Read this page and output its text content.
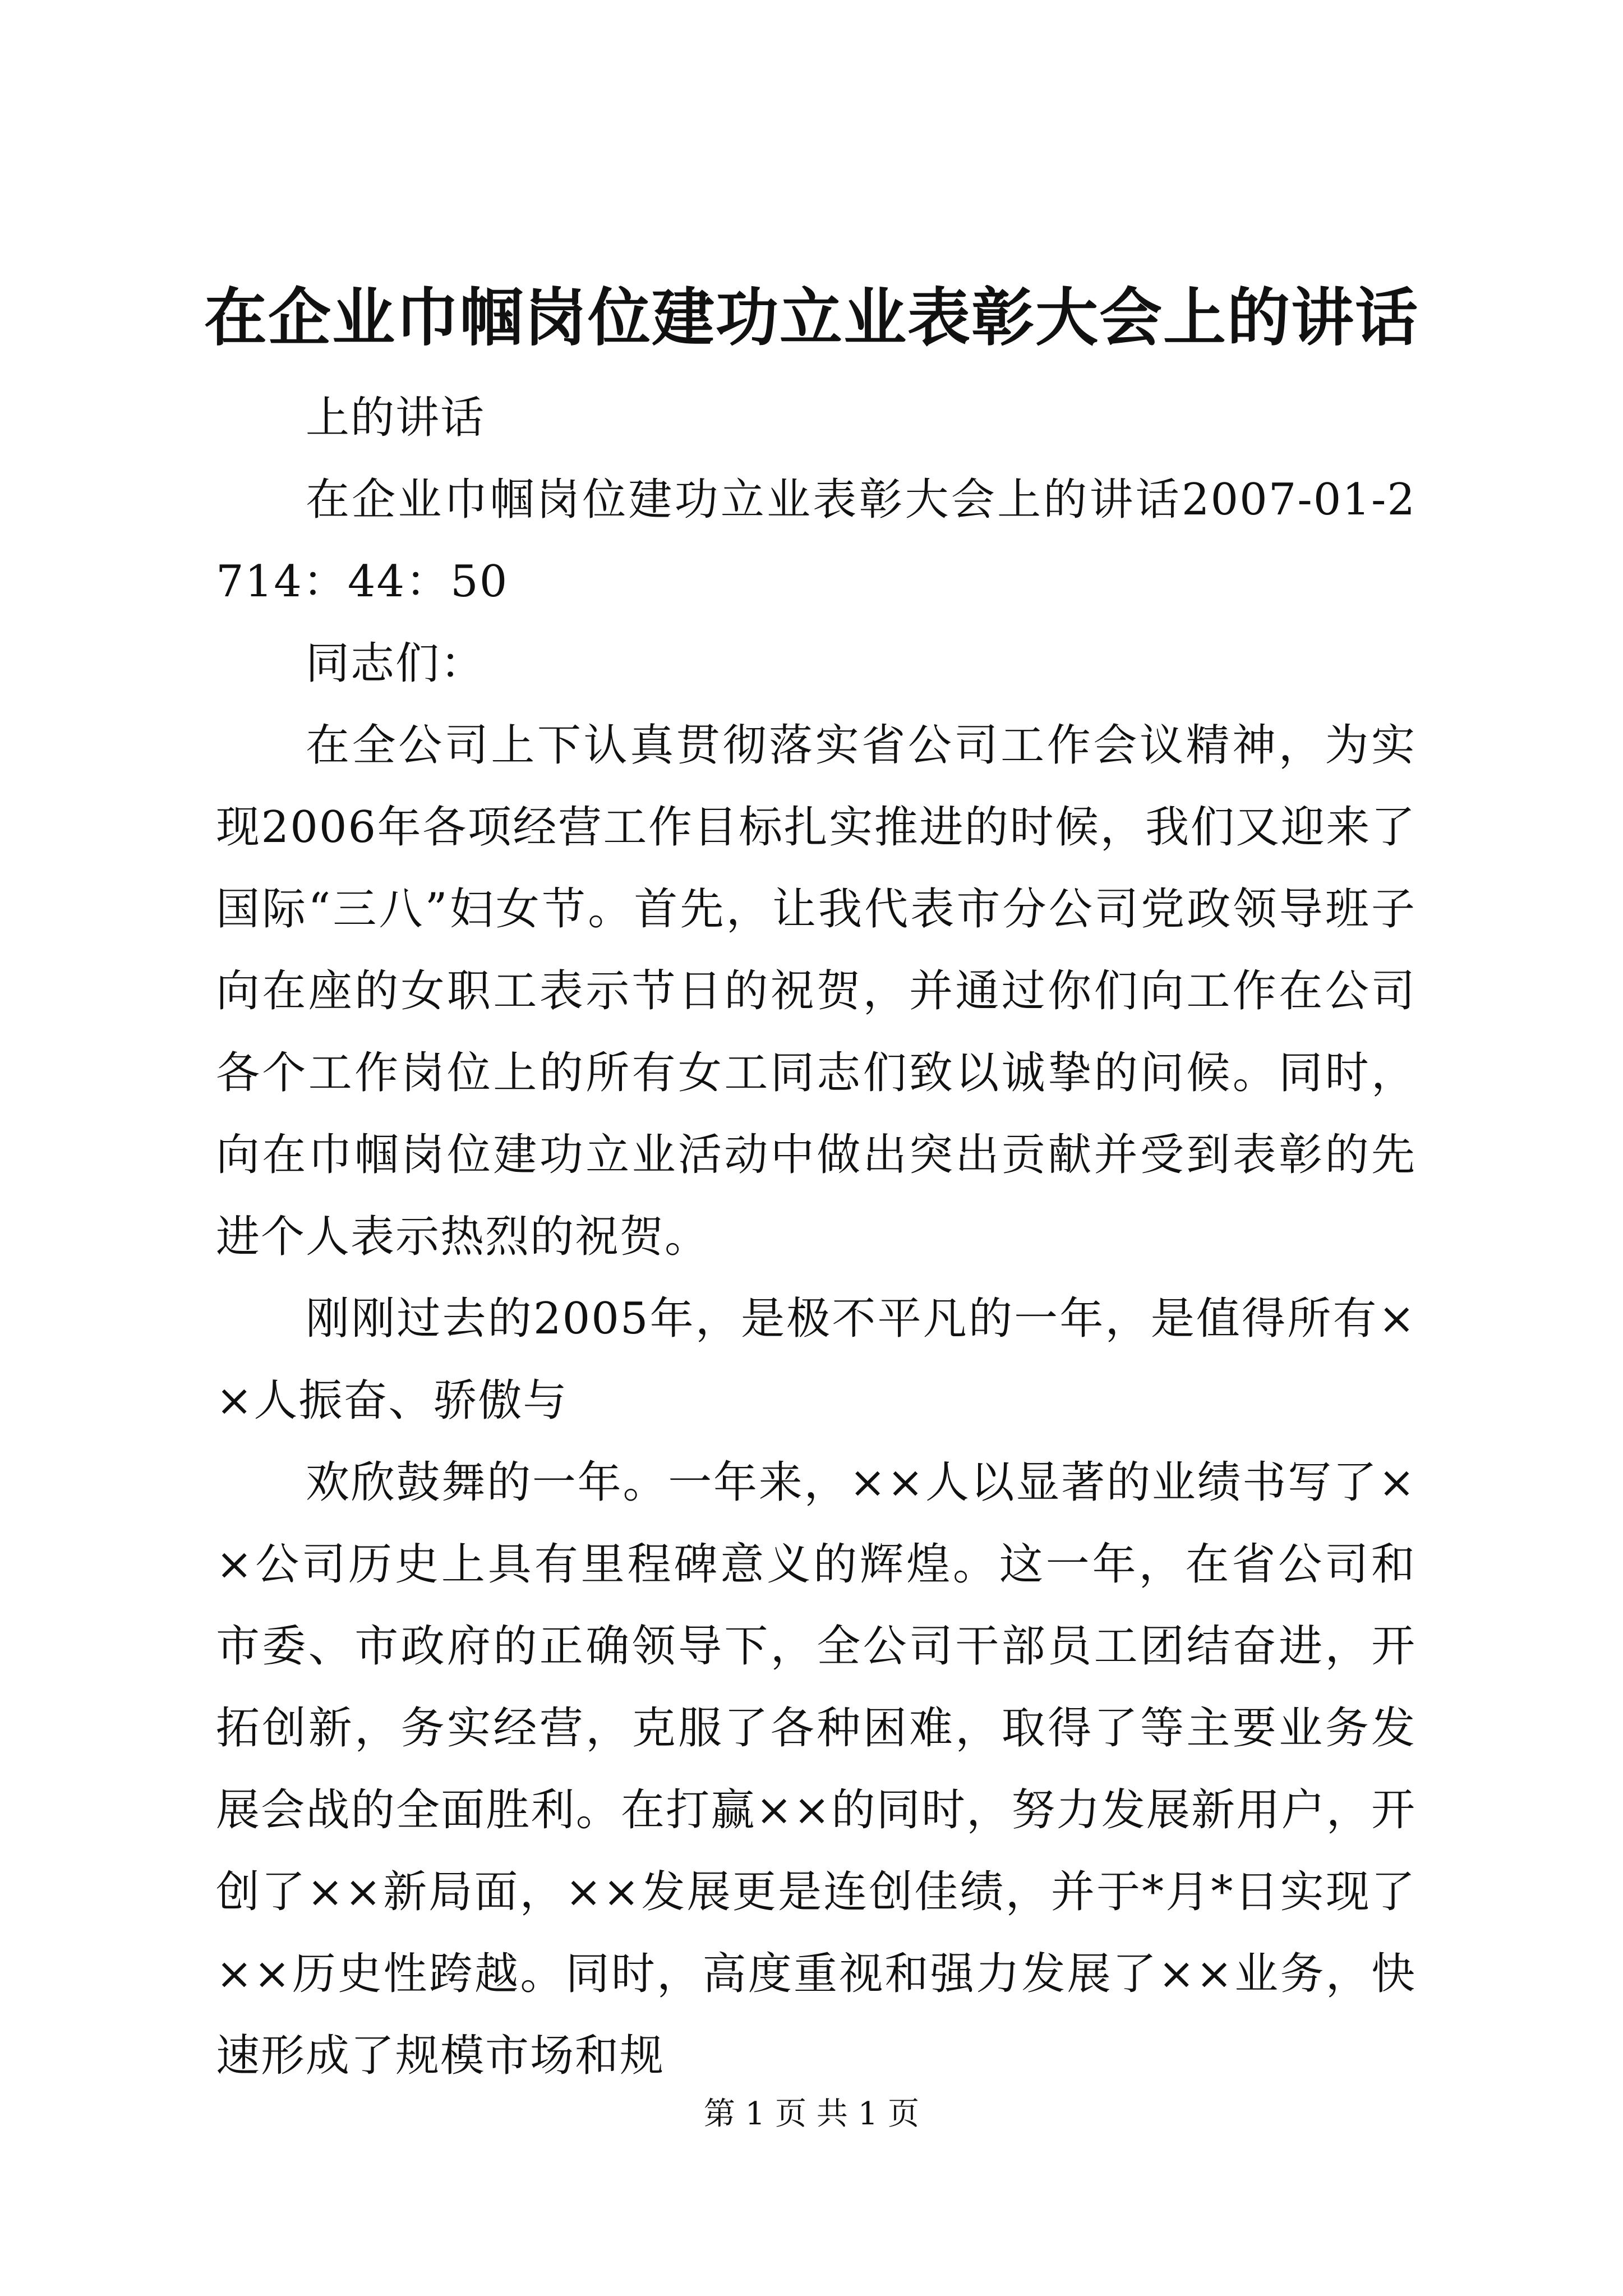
在企业巾帼岗位建功立业表彰大会上的讲话

上的讲话

在企业巾帼岗位建功立业表彰大会上的讲话2007-01-2714：44：50

同志们：

在全公司上下认真贯彻落实省公司工作会议精神，为实现2006年各项经营工作目标扎实推进的时候，我们又迎来了国际“三八”妇女节。首先，让我代表市分公司党政领导班子向在座的女职工表示节日的祝贺，并通过你们向工作在公司各个工作岗位上的所有女工同志们致以诚挚的问候。同时，向在巾帼岗位建功立业活动中做出突出贡献并受到表彰的先进个人表示热烈的祝贺。

刚刚过去的2005年，是极不平凡的一年，是值得所有××人振奋、骄傲与

欢欣鼓舞的一年。一年来，××人以显著的业绩书写了××公司历史上具有里程碑意义的辉煌。这一年，在省公司和市委、市政府的正确领导下，全公司干部员工团结奋进，开拓创新，务实经营，克服了各种困难，取得了等主要业务发展会战的全面胜利。在打赢××的同时，努力发展新用户，开创了××新局面，××发展更是连创佳绩，并于*月*日实现了××历史性跨越。同时，高度重视和强力发展了××业务，快速形成了规模市场和规

第 1 页 共 1 页
